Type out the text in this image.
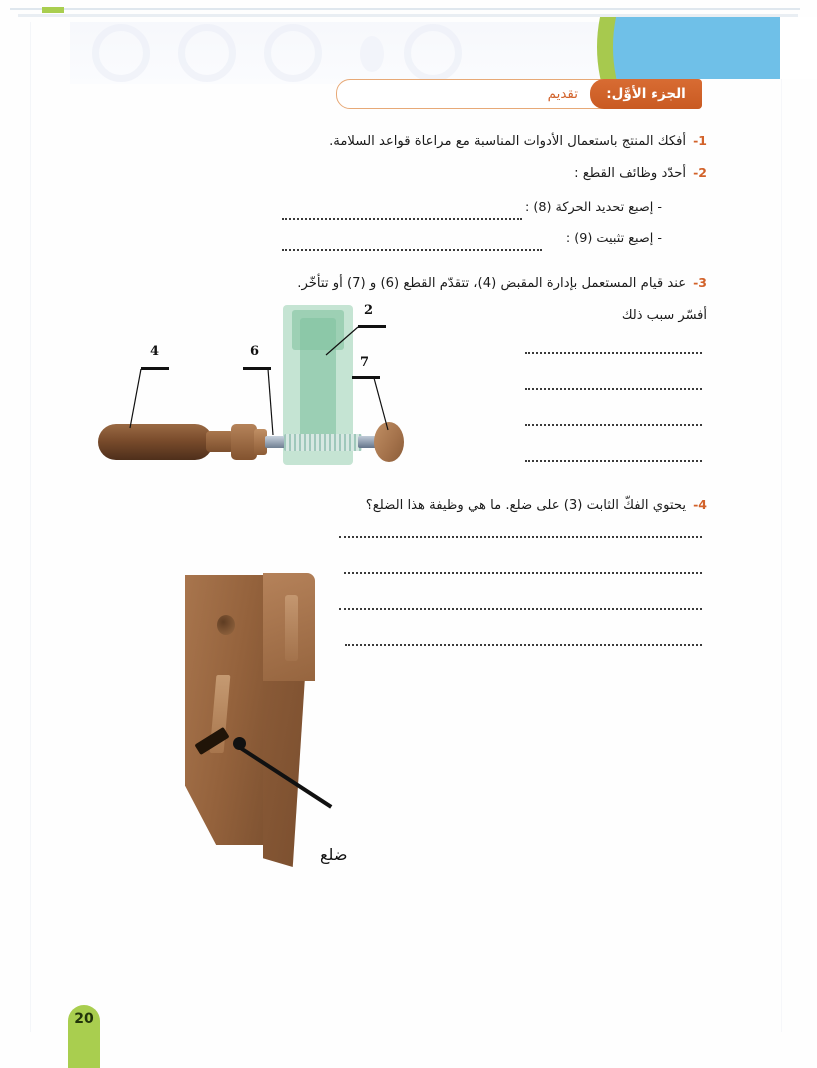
تقديم الجزء الأوَّل:
1-أفكك المنتج باستعمال الأدوات المناسبة مع مراعاة قواعد السلامة.
2-أحدّد وظائف القطع :
- إصبع تحديد الحركة (8) :
- إصبع تثبيت (9) :
3-عند قيام المستعمل بإدارة المقبض (4)، تتقدّم القطع (6) و (7) أو تتأخّر.
أفسّر سبب ذلك
2
4	6
7
4-يحتوي الفكّ الثابت (3) على ضلع. ما هي وظيفة هذا الضلع؟
ضلع
20
